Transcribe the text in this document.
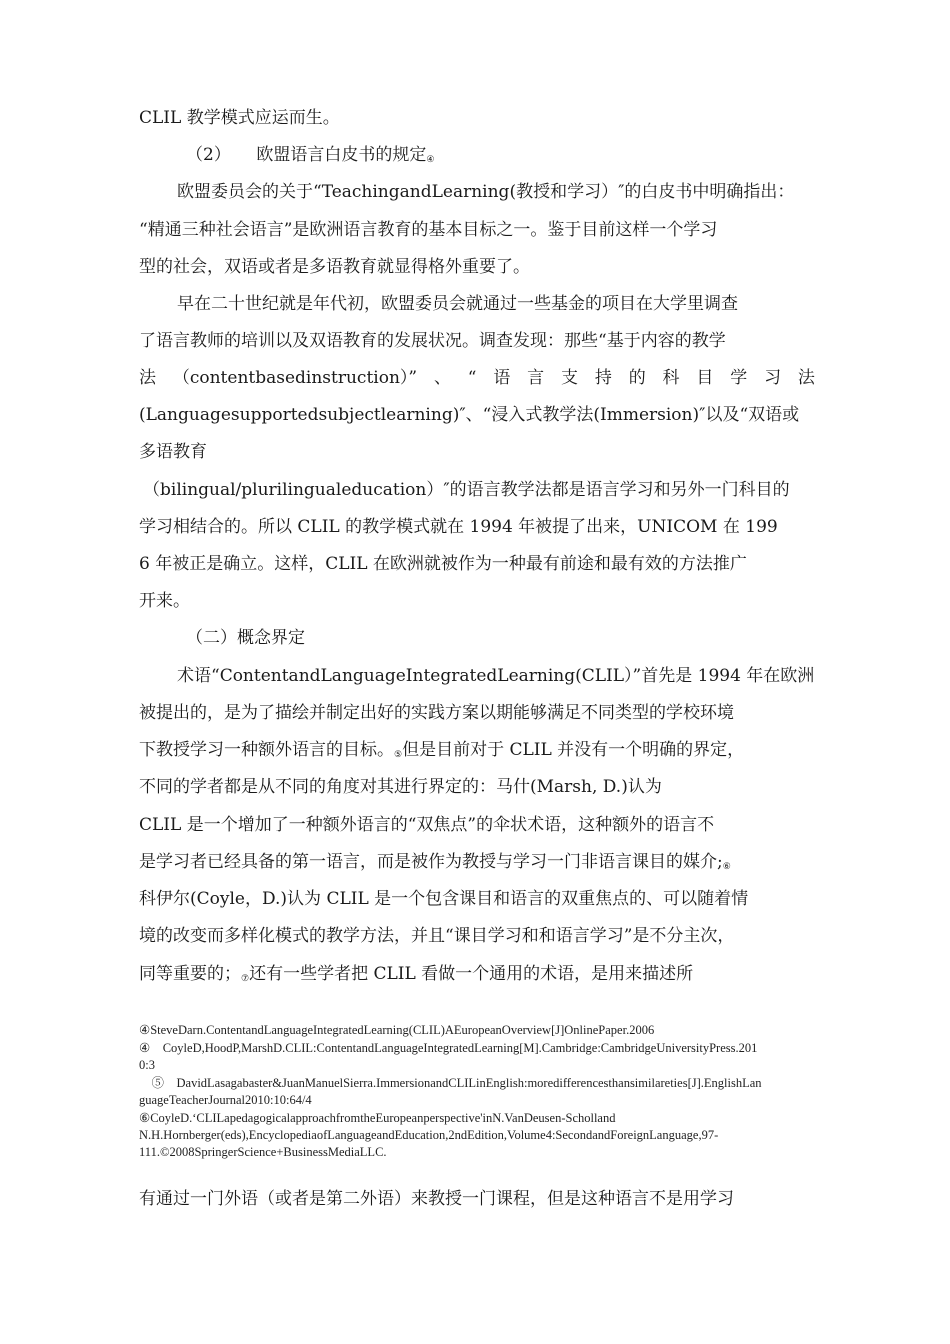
CLIL 教学模式应运而生。
（2）　　欧盟语言白皮书的规定④
欧盟委员会的关于“TeachingandLearning(教授和学习）″的白皮书中明确指出：
“精通三种社会语言”是欧洲语言教育的基本目标之一。鉴于目前这样一个学习
型的社会，双语或者是多语教育就显得格外重要了。
早在二十世纪就是年代初，欧盟委员会就通过一些基金的项目在大学里调查
了语言教师的培训以及双语教育的发展状况。调查发现：那些“基于内容的教学
法 （contentbasedinstruction）” 、 “ 语 言 支 持 的 科 目 学 习 法
(Languagesupportedsubjectlearning)″、“浸入式教学法(Immersion)″以及“双语或
多语教育
（bilingual/plurilingualeducation）″的语言教学法都是语言学习和另外一门科目的
学习相结合的。所以 CLIL 的教学模式就在 1994 年被提了出来，UNICOM 在 199
6 年被正是确立。这样，CLIL 在欧洲就被作为一种最有前途和最有效的方法推广
开来。
（二）概念界定
术语“ContentandLanguageIntegratedLearning(CLIL）”首先是 1994 年在欧洲
被提出的，是为了描绘并制定出好的实践方案以期能够满足不同类型的学校环境
下教授学习一种额外语言的目标。⑤但是目前对于 CLIL 并没有一个明确的界定，
不同的学者都是从不同的角度对其进行界定的：马什(Marsh, D.)认为
CLIL 是一个增加了一种额外语言的“双焦点”的伞状术语，这种额外的语言不
是学习者已经具备的第一语言，而是被作为教授与学习一门非语言课目的媒介;⑥
科伊尔(Coyle，D.)认为 CLIL 是一个包含课目和语言的双重焦点的、可以随着情
境的改变而多样化模式的教学方法，并且“课目学习和和语言学习”是不分主次，
同等重要的；⑦还有一些学者把 CLIL 看做一个通用的术语，是用来描述所
④SteveDarn.ContentandLanguageIntegratedLearning(CLIL)AEuropeanOverview[J]OnlinePaper.2006
④　CoyleD,HoodP,MarshD.CLIL:ContentandLanguageIntegratedLearning[M].Cambridge:CambridgeUniversityPress.201
0:3
　⑤　DavidLasagabaster&JuanManuelSierra.ImmersionandCLILinEnglish:moredifferencesthansimilareties[J].EnglishLan
guageTeacherJournal2010:10:64/4
⑥CoyleD.‘CLILapedagogicalapproachfromtheEuropeanperspective'inN.VanDeusen-Scholland
N.H.Hornberger(eds),EncyclopediaofLanguageandEducation,2ndEdition,Volume4:SecondandForeignLanguage,97-
111.©2008SpringerScience+BusinessMediaLLC.
有通过一门外语（或者是第二外语）来教授一门课程，但是这种语言不是用学习
